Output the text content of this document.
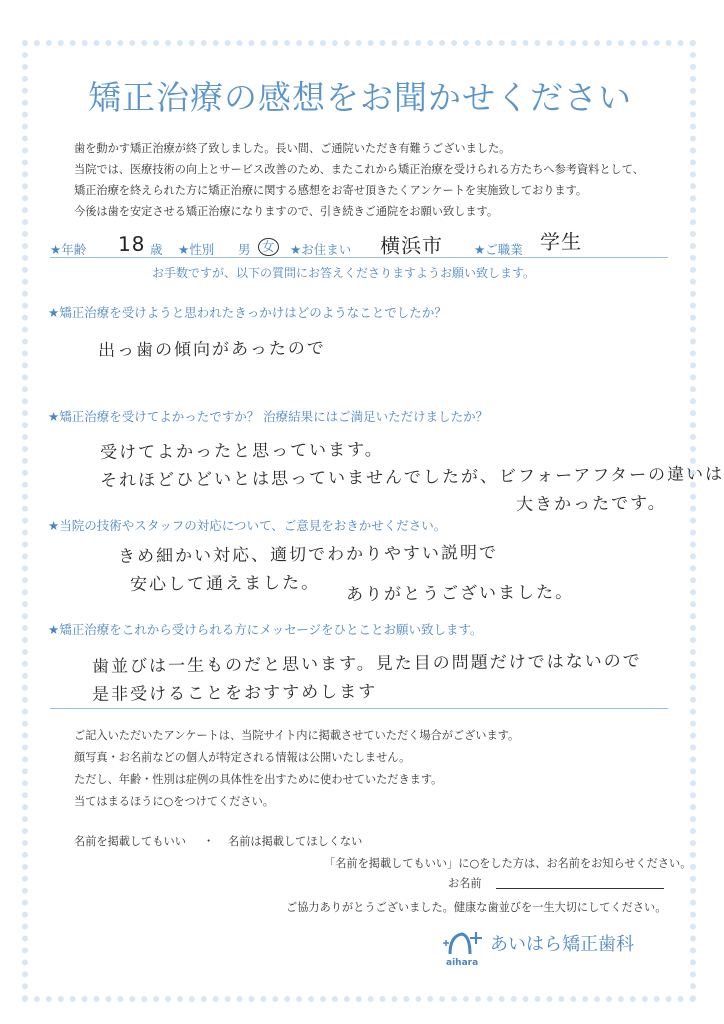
矯正治療の感想をお聞かせください
歯を動かす矯正治療が終了致しました。長い間、ご通院いただき有難うございました。
当院では、医療技術の向上とサービス改善のため、またこれから矯正治療を受けられる方たちへ参考資料として、
矯正治療を終えられた方に矯正治療に関する感想をお寄せ頂きたくアンケートを実施致しております。
今後は歯を安定させる矯正治療になりますので、引き続きご通院をお願い致します。
★年齢 18 歳 ★性別 男 女	★お住まい 横浜市 ★ご職業 学生
お手数ですが、以下の質問にお答えくださりますようお願い致します。
★矯正治療を受けようと思われたきっかけはどのようなことでしたか？
出っ歯の傾向があったので
★矯正治療を受けてよかったですか？ 治療結果にはご満足いただけましたか？
受けてよかったと思っています。
それほどひどいとは思っていませんでしたが、ビフォーアフターの違いは
大きかったです。
★当院の技術やスタッフの対応について、ご意見をおきかせください。
きめ細かい対応、適切でわかりやすい説明で
安心して通えました。 ありがとうございました。
★矯正治療をこれから受けられる方にメッセージをひとことお願い致します。
歯並びは一生ものだと思います。見た目の問題だけではないので
是非受けることをおすすめします
ご記入いただいたアンケートは、当院サイト内に掲載させていただく場合がございます。
顔写真・お名前などの個人が特定される情報は公開いたしません。
ただし、年齢・性別は症例の具体性を出すために使わせていただきます。
当てはまるほうに○をつけてください。
名前を掲載してもいい ・ 名前は掲載してほしくない
「名前を掲載してもいい」に○をした方は、お名前をお知らせください。
お名前
ご協力ありがとうございました。健康な歯並びを一生大切にしてください。
aihara
あいはら矯正歯科
